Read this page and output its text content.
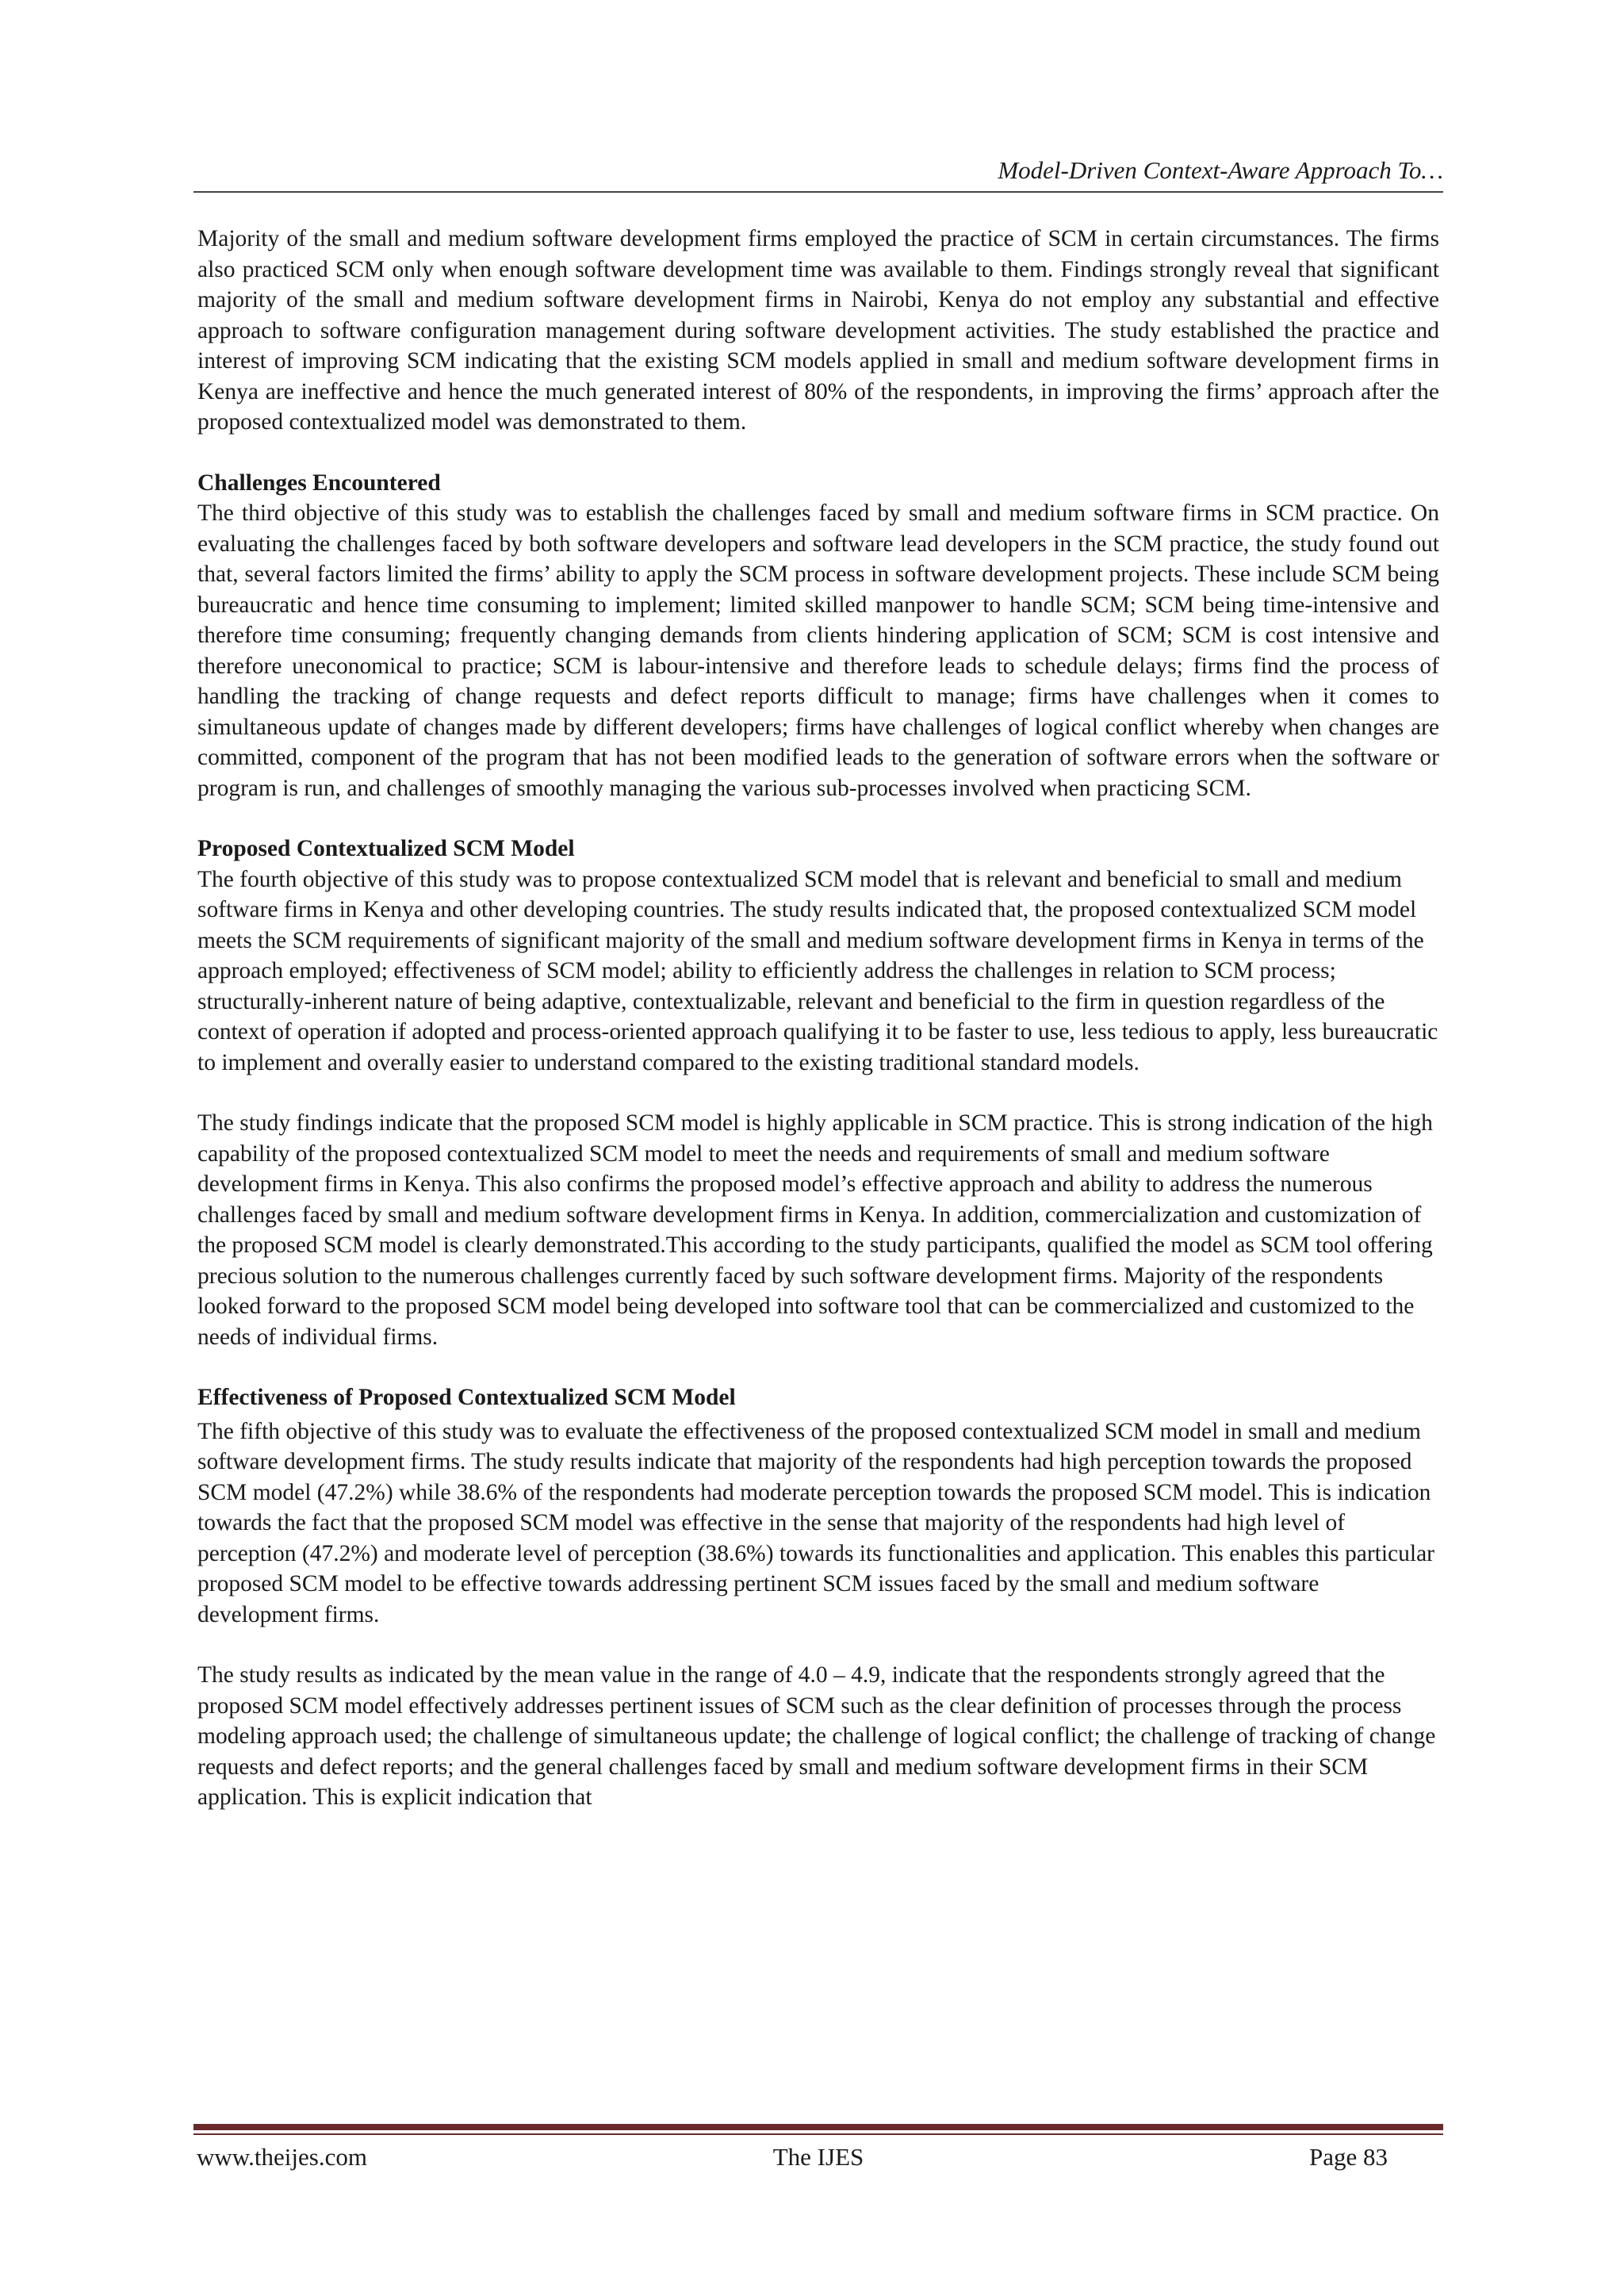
Model-Driven Context-Aware Approach To…

Majority of the small and medium software development firms employed the practice of SCM in certain circumstances. The firms also practiced SCM only when enough software development time was available to them. Findings strongly reveal that significant majority of the small and medium software development firms in Nairobi, Kenya do not employ any substantial and effective approach to software configuration management during software development activities. The study established the practice and interest of improving SCM indicating that the existing SCM models applied in small and medium software development firms in Kenya are ineffective and hence the much generated interest of 80% of the respondents, in improving the firms’ approach after the proposed contextualized model was demonstrated to them.

Challenges Encountered

The third objective of this study was to establish the challenges faced by small and medium software firms in SCM practice. On evaluating the challenges faced by both software developers and software lead developers in the SCM practice, the study found out that, several factors limited the firms’ ability to apply the SCM process in software development projects. These include SCM being bureaucratic and hence time consuming to implement; limited skilled manpower to handle SCM; SCM being time-intensive and therefore time consuming; frequently changing demands from clients hindering application of SCM; SCM is cost intensive and therefore uneconomical to practice; SCM is labour-intensive and therefore leads to schedule delays; firms find the process of handling the tracking of change requests and defect reports difficult to manage; firms have challenges when it comes to simultaneous update of changes made by different developers; firms have challenges of logical conflict whereby when changes are committed, component of the program that has not been modified leads to the generation of software errors when the software or program is run, and challenges of smoothly managing the various sub-processes involved when practicing SCM.

Proposed Contextualized SCM Model

The fourth objective of this study was to propose contextualized SCM model that is relevant and beneficial to small and medium software firms in Kenya and other developing countries. The study results indicated that, the proposed contextualized SCM model meets the SCM requirements of significant majority of the small and medium software development firms in Kenya in terms of the approach employed; effectiveness of SCM model; ability to efficiently address the challenges in relation to SCM process; structurally-inherent nature of being adaptive, contextualizable, relevant and beneficial to the firm in question regardless of the context of operation if adopted and process-oriented approach qualifying it to be faster to use, less tedious to apply, less bureaucratic to implement and overally easier to understand compared to the existing traditional standard models.

The study findings indicate that the proposed SCM model is highly applicable in SCM practice. This is strong indication of the high capability of the proposed contextualized SCM model to meet the needs and requirements of small and medium software development firms in Kenya. This also confirms the proposed model’s effective approach and ability to address the numerous challenges faced by small and medium software development firms in Kenya. In addition, commercialization and customization of the proposed SCM model is clearly demonstrated.This according to the study participants, qualified the model as SCM tool offering precious solution to the numerous challenges currently faced by such software development firms. Majority of the respondents looked forward to the proposed SCM model being developed into software tool that can be commercialized and customized to the needs of individual firms.

Effectiveness of Proposed Contextualized SCM Model

The fifth objective of this study was to evaluate the effectiveness of the proposed contextualized SCM model in small and medium software development firms. The study results indicate that majority of the respondents had high perception towards the proposed SCM model (47.2%) while 38.6% of the respondents had moderate perception towards the proposed SCM model. This is indication towards the fact that the proposed SCM model was effective in the sense that majority of the respondents had high level of perception (47.2%) and moderate level of perception (38.6%) towards its functionalities and application. This enables this particular proposed SCM model to be effective towards addressing pertinent SCM issues faced by the small and medium software development firms.

The study results as indicated by the mean value in the range of 4.0 – 4.9, indicate that the respondents strongly agreed that the proposed SCM model effectively addresses pertinent issues of SCM such as the clear definition of processes through the process modeling approach used; the challenge of simultaneous update; the challenge of logical conflict; the challenge of tracking of change requests and defect reports; and the general challenges faced by small and medium software development firms in their SCM application. This is explicit indication that

www.theijes.com	The IJES	Page 83
